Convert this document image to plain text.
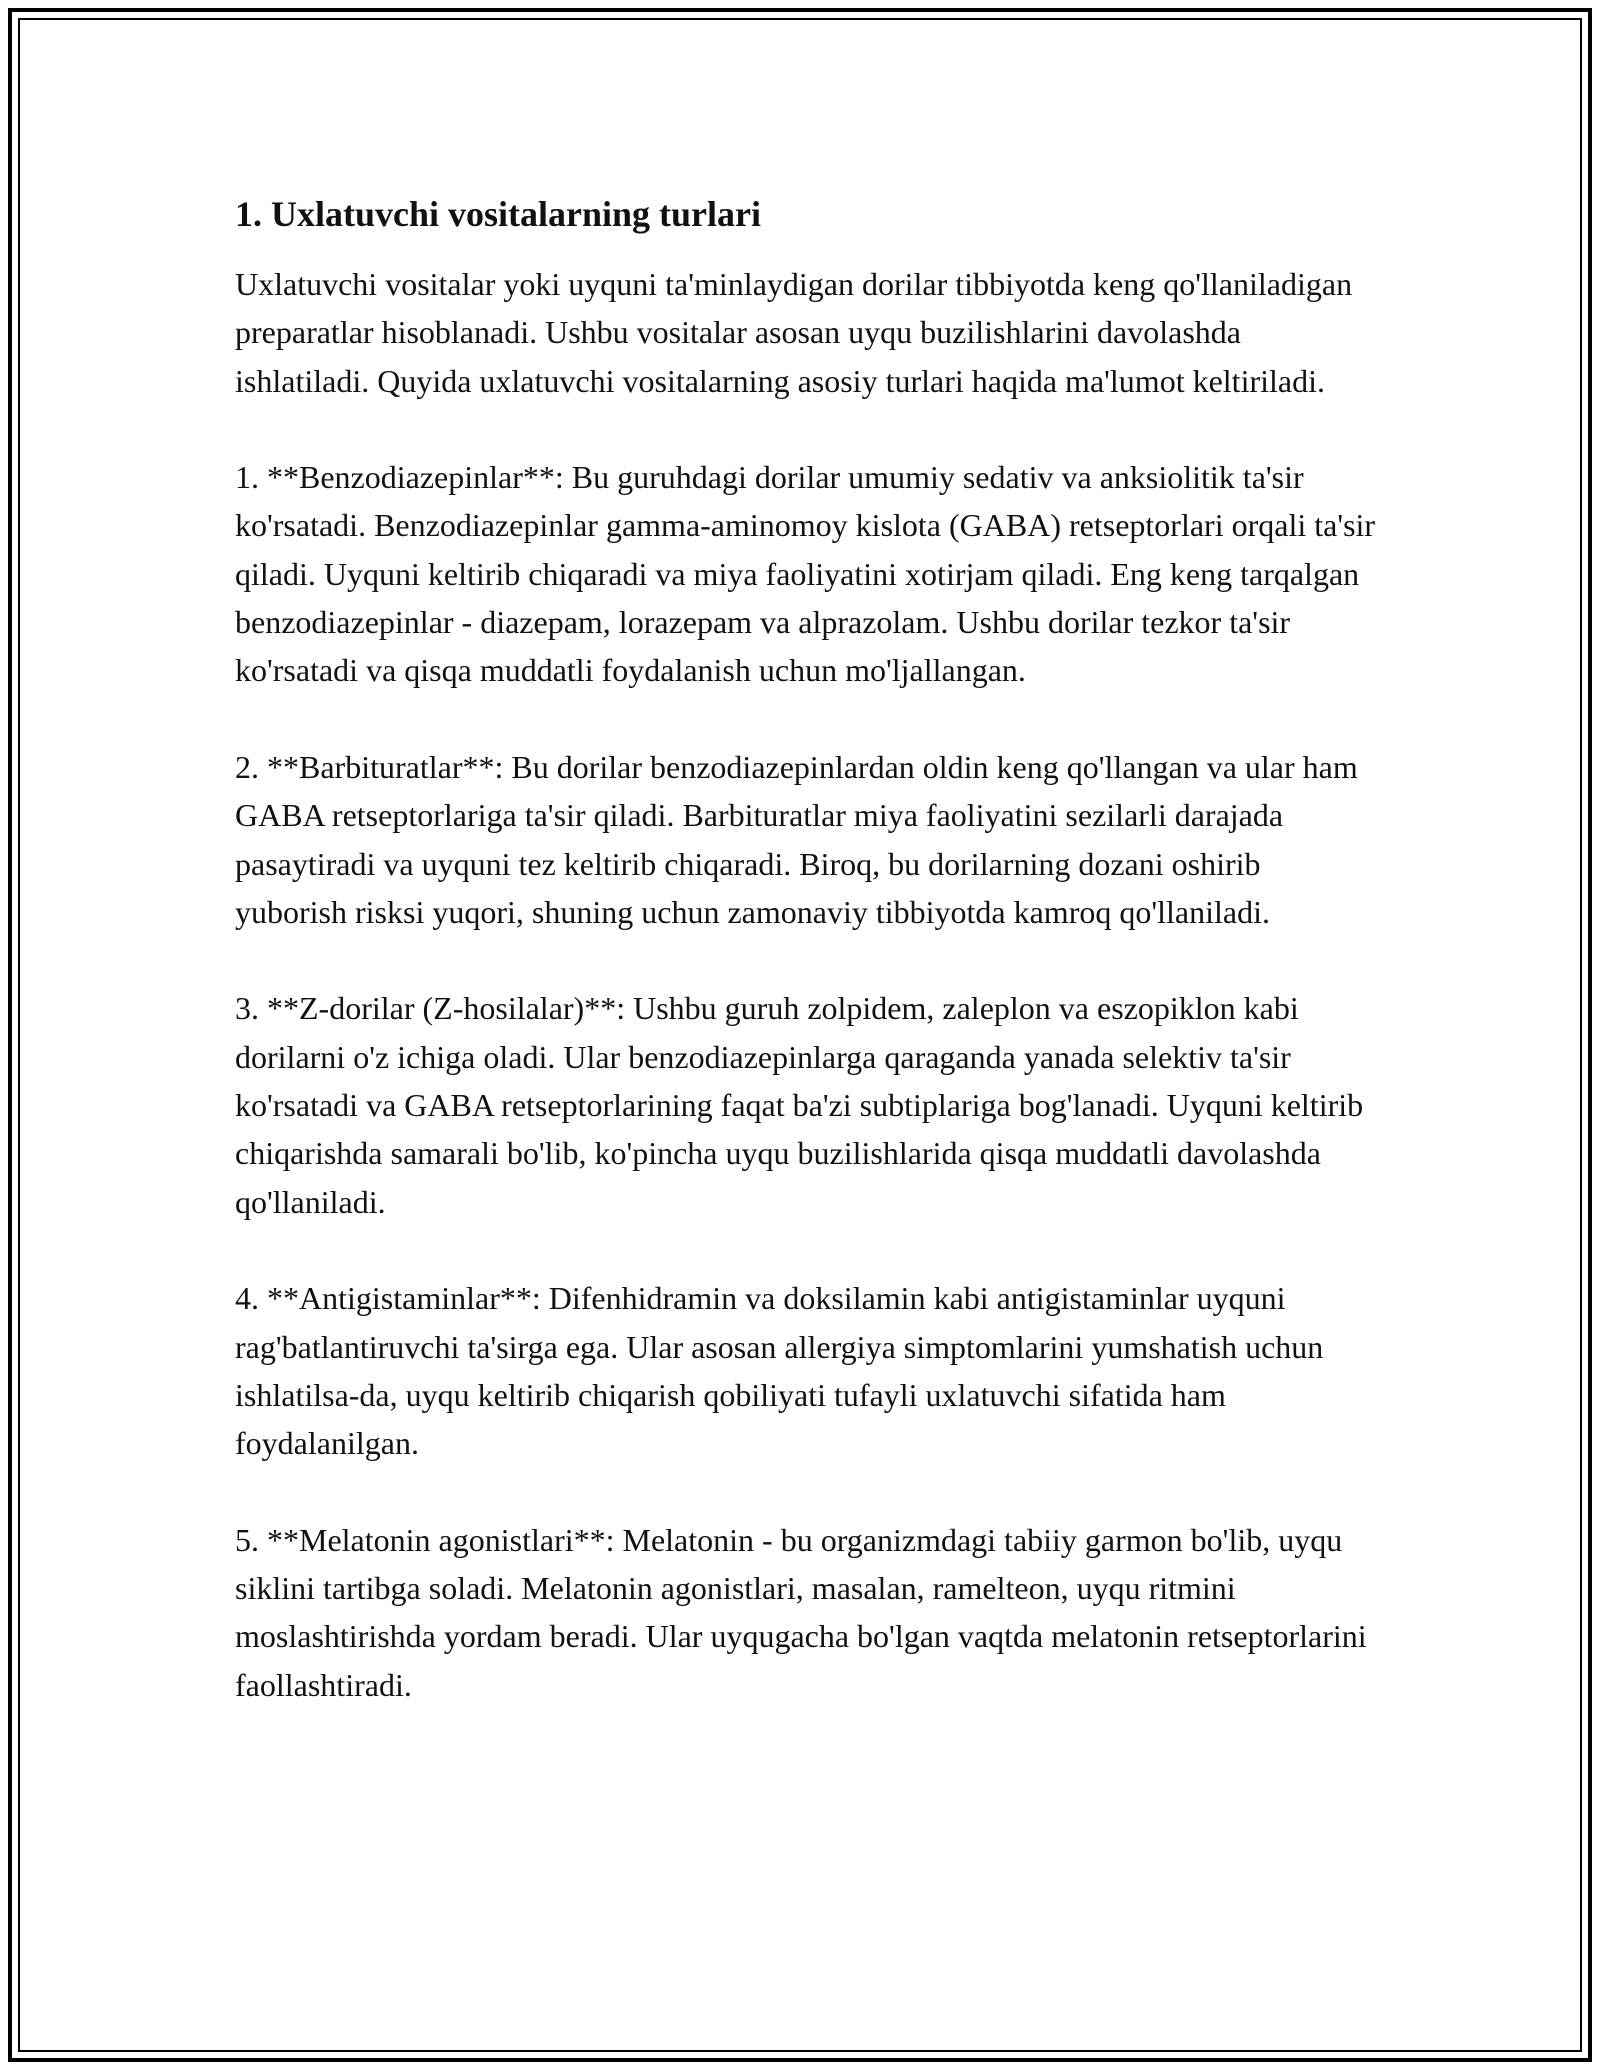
1. Uxlatuvchi vositalarning turlari

Uxlatuvchi vositalar yoki uyquni ta'minlaydigan dorilar tibbiyotda keng qo'llaniladigan preparatlar hisoblanadi. Ushbu vositalar asosan uyqu buzilishlarini davolashda ishlatiladi. Quyida uxlatuvchi vositalarning asosiy turlari haqida ma'lumot keltiriladi.

1. **Benzodiazepinlar**: Bu guruhdagi dorilar umumiy sedativ va anksiolitik ta'sir ko'rsatadi. Benzodiazepinlar gamma-aminomoy kislota (GABA) retseptorlari orqali ta'sir qiladi. Uyquni keltirib chiqaradi va miya faoliyatini xotirjam qiladi. Eng keng tarqalgan benzodiazepinlar - diazepam, lorazepam va alprazolam. Ushbu dorilar tezkor ta'sir ko'rsatadi va qisqa muddatli foydalanish uchun mo'ljallangan.

2. **Barbituratlar**: Bu dorilar benzodiazepinlardan oldin keng qo'llangan va ular ham GABA retseptorlariga ta'sir qiladi. Barbituratlar miya faoliyatini sezilarli darajada pasaytiradi va uyquni tez keltirib chiqaradi. Biroq, bu dorilarning dozani oshirib yuborish risksi yuqori, shuning uchun zamonaviy tibbiyotda kamroq qo'llaniladi.

3. **Z-dorilar (Z-hosilalar)**: Ushbu guruh zolpidem, zaleplon va eszopiklon kabi dorilarni o'z ichiga oladi. Ular benzodiazepinlarga qaraganda yanada selektiv ta'sir ko'rsatadi va GABA retseptorlarining faqat ba'zi subtiplariga bog'lanadi. Uyquni keltirib chiqarishda samarali bo'lib, ko'pincha uyqu buzilishlarida qisqa muddatli davolashda qo'llaniladi.

4. **Antigistaminlar**: Difenhidramin va doksilamin kabi antigistaminlar uyquni rag'batlantiruvchi ta'sirga ega. Ular asosan allergiya simptomlarini yumshatish uchun ishlatilsa-da, uyqu keltirib chiqarish qobiliyati tufayli uxlatuvchi sifatida ham foydalanilgan.

5. **Melatonin agonistlari**: Melatonin - bu organizmdagi tabiiy garmon bo'lib, uyqu siklini tartibga soladi. Melatonin agonistlari, masalan, ramelteon, uyqu ritmini moslashtirishda yordam beradi. Ular uyqugacha bo'lgan vaqtda melatonin retseptorlarini faollashtiradi.
